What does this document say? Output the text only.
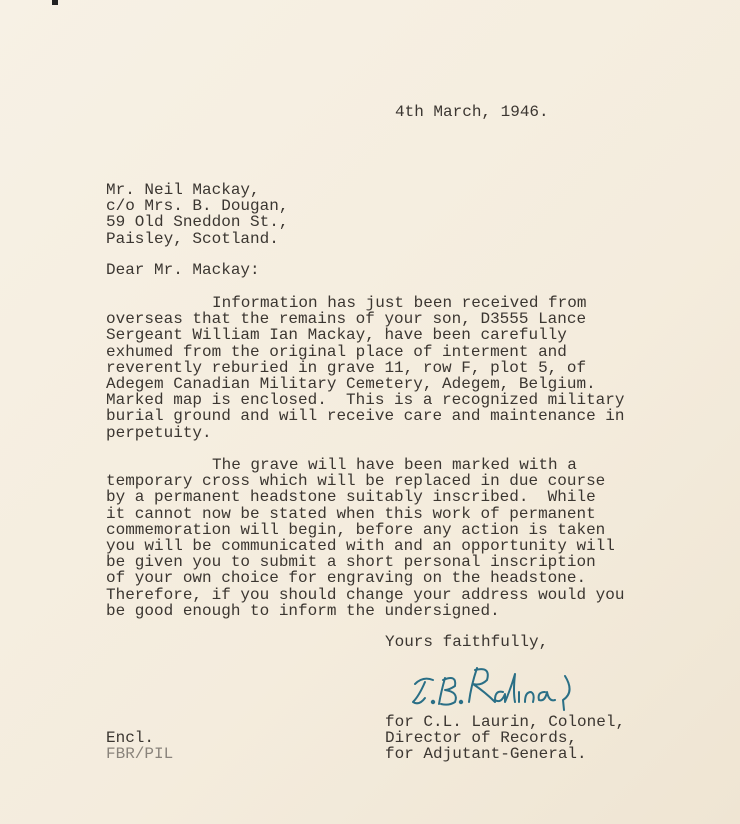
4th March, 1946.
Mr. Neil Mackay,
c/o Mrs. B. Dougan,
59 Old Sneddon St.,
Paisley, Scotland.
Dear Mr. Mackay:
Information has just been received from
overseas that the remains of your son, D3555 Lance
Sergeant William Ian Mackay, have been carefully
exhumed from the original place of interment and
reverently reburied in grave 11, row F, plot 5, of
Adegem Canadian Military Cemetery, Adegem, Belgium.
Marked map is enclosed.  This is a recognized military
burial ground and will receive care and maintenance in
perpetuity.
The grave will have been marked with a
temporary cross which will be replaced in due course
by a permanent headstone suitably inscribed.  While
it cannot now be stated when this work of permanent
commemoration will begin, before any action is taken
you will be communicated with and an opportunity will
be given you to submit a short personal inscription
of your own choice for engraving on the headstone.
Therefore, if you should change your address would you
be good enough to inform the undersigned.
Yours faithfully,
for C.L. Laurin, Colonel,
Director of Records,
for Adjutant-General.
Encl.
FBR/PIL
